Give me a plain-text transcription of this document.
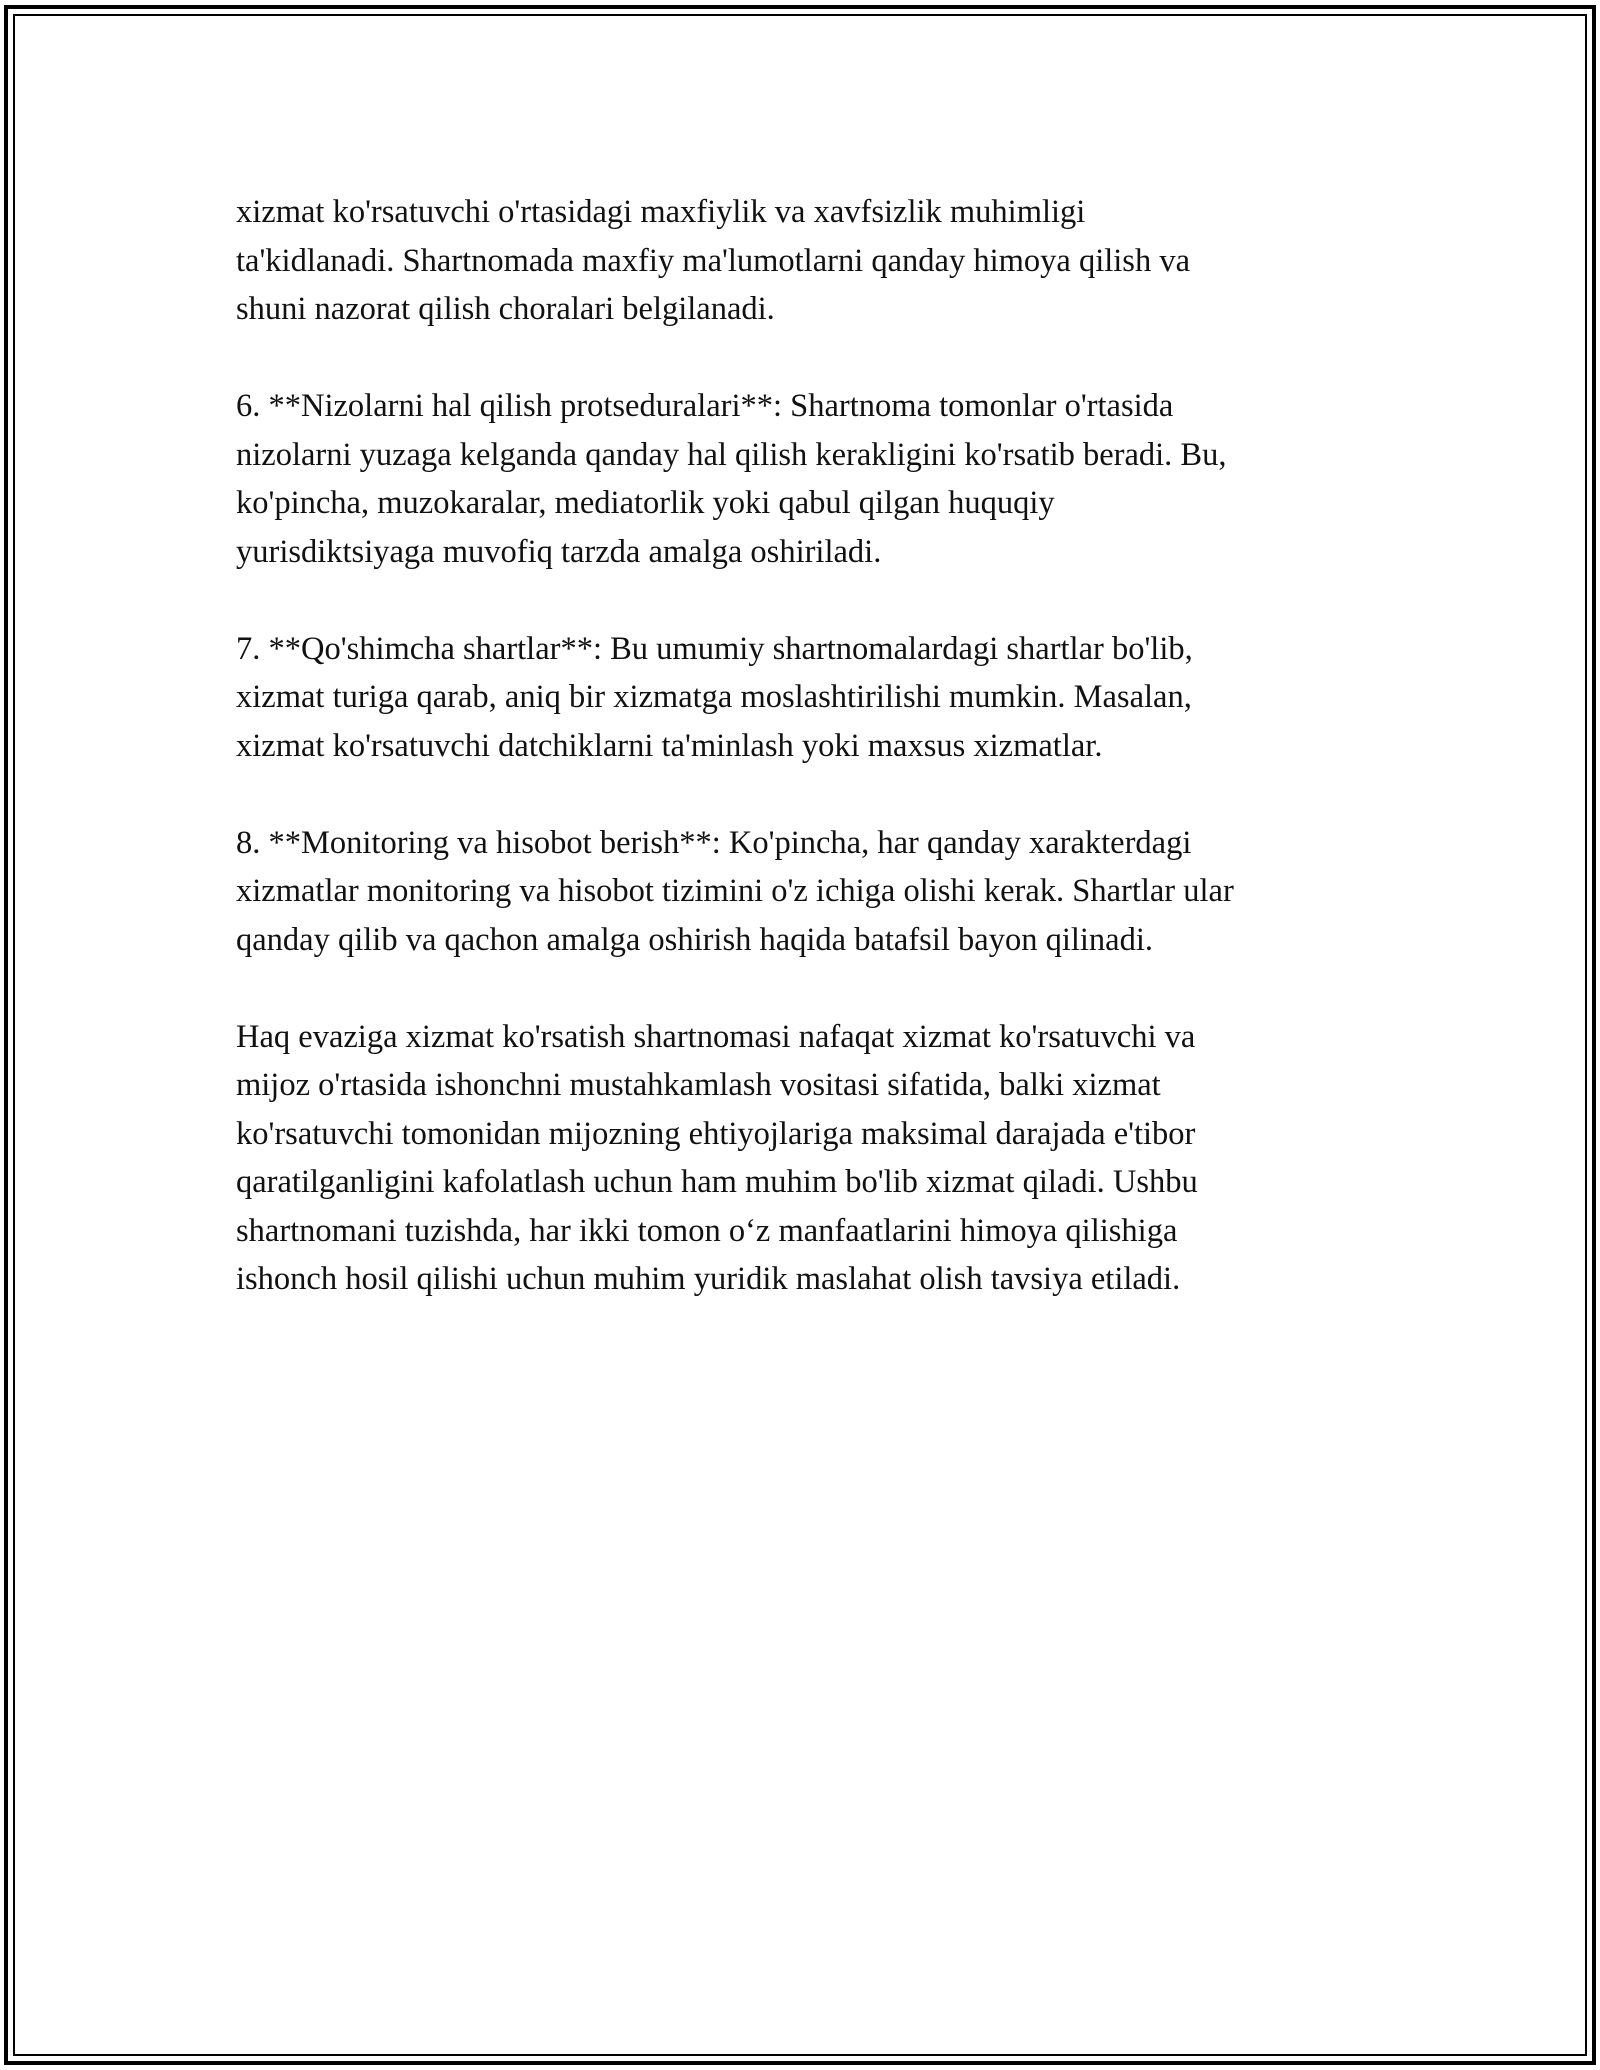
xizmat ko'rsatuvchi o'rtasidagi maxfiylik va xavfsizlik muhimligi
ta'kidlanadi. Shartnomada maxfiy ma'lumotlarni qanday himoya qilish va
shuni nazorat qilish choralari belgilanadi.

6. **Nizolarni hal qilish protseduralari**: Shartnoma tomonlar o'rtasida
nizolarni yuzaga kelganda qanday hal qilish kerakligini ko'rsatib beradi. Bu,
ko'pincha, muzokaralar, mediatorlik yoki qabul qilgan huquqiy
yurisdiktsiyaga muvofiq tarzda amalga oshiriladi.

7. **Qo'shimcha shartlar**: Bu umumiy shartnomalardagi shartlar bo'lib,
xizmat turiga qarab, aniq bir xizmatga moslashtirilishi mumkin. Masalan,
xizmat ko'rsatuvchi datchiklarni ta'minlash yoki maxsus xizmatlar.

8. **Monitoring va hisobot berish**: Ko'pincha, har qanday xarakterdagi
xizmatlar monitoring va hisobot tizimini o'z ichiga olishi kerak. Shartlar ular
qanday qilib va qachon amalga oshirish haqida batafsil bayon qilinadi.

Haq evaziga xizmat ko'rsatish shartnomasi nafaqat xizmat ko'rsatuvchi va
mijoz o'rtasida ishonchni mustahkamlash vositasi sifatida, balki xizmat
ko'rsatuvchi tomonidan mijozning ehtiyojlariga maksimal darajada e'tibor
qaratilganligini kafolatlash uchun ham muhim bo'lib xizmat qiladi. Ushbu
shartnomani tuzishda, har ikki tomon o‘z manfaatlarini himoya qilishiga
ishonch hosil qilishi uchun muhim yuridik maslahat olish tavsiya etiladi.
